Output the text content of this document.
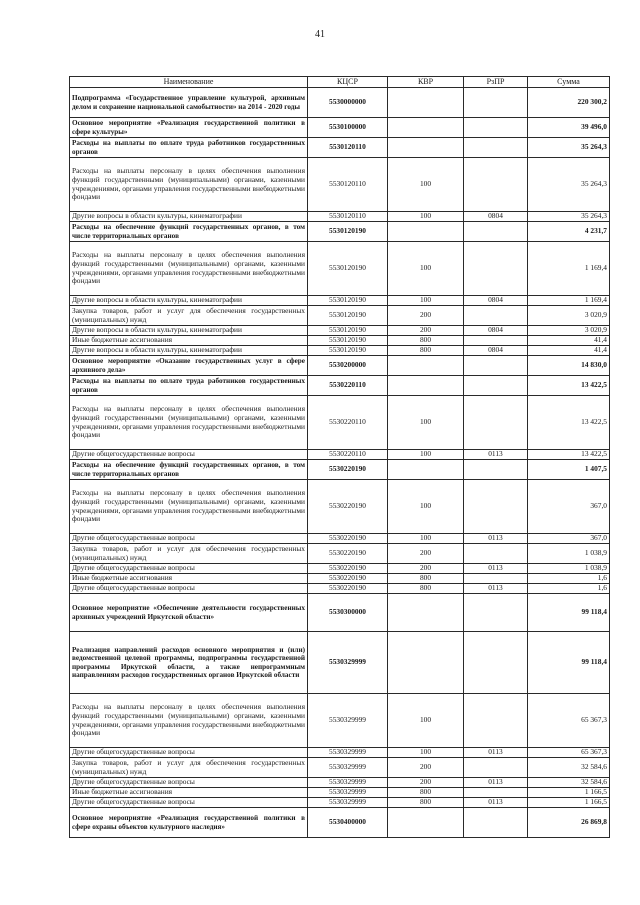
41
Наименование	КЦСР	КВР	РзПР	Сумма
Подпрограмма «Государственное управление культурой, архивным делом и сохранение национальной самобытности» на 2014 - 2020 годы	5530000000			220 300,2
Основное мероприятие «Реализация государственной политики в сфере культуры»	5530100000			39 496,0
Расходы на выплаты по оплате труда работников государственных органов	5530120110			35 264,3
Расходы на выплаты персоналу в целях обеспечения выполнения функций государственными (муниципальными) органами, казенными учреждениями, органами управления государственными внебюджетными фондами	5530120110	100		35 264,3
Другие вопросы в области культуры, кинематографии	5530120110	100	0804	35 264,3
Расходы на обеспечение функций государственных органов, в том числе территориальных органов	5530120190			4 231,7
Расходы на выплаты персоналу в целях обеспечения выполнения функций государственными (муниципальными) органами, казенными учреждениями, органами управления государственными внебюджетными фондами	5530120190	100		1 169,4
Другие вопросы в области культуры, кинематографии	5530120190	100	0804	1 169,4
Закупка товаров, работ и услуг для обеспечения государственных (муниципальных) нужд	5530120190	200		3 020,9
Другие вопросы в области культуры, кинематографии	5530120190	200	0804	3 020,9
Иные бюджетные ассигнования	5530120190	800		41,4
Другие вопросы в области культуры, кинематографии	5530120190	800	0804	41,4
Основное мероприятие «Оказание государственных услуг в сфере архивного дела»	5530200000			14 830,0
Расходы на выплаты по оплате труда работников государственных органов	5530220110			13 422,5
Расходы на выплаты персоналу в целях обеспечения выполнения функций государственными (муниципальными) органами, казенными учреждениями, органами управления государственными внебюджетными фондами	5530220110	100		13 422,5
Другие общегосударственные вопросы	5530220110	100	0113	13 422,5
Расходы на обеспечение функций государственных органов, в том числе территориальных органов	5530220190			1 407,5
Расходы на выплаты персоналу в целях обеспечения выполнения функций государственными (муниципальными) органами, казенными учреждениями, органами управления государственными внебюджетными фондами	5530220190	100		367,0
Другие общегосударственные вопросы	5530220190	100	0113	367,0
Закупка товаров, работ и услуг для обеспечения государственных (муниципальных) нужд	5530220190	200		1 038,9
Другие общегосударственные вопросы	5530220190	200	0113	1 038,9
Иные бюджетные ассигнования	5530220190	800		1,6
Другие общегосударственные вопросы	5530220190	800	0113	1,6
Основное мероприятие «Обеспечение деятельности государственных архивных учреждений Иркутской области»	5530300000			99 118,4
Реализация направлений расходов основного мероприятия и (или) ведомственной целевой программы, подпрограммы государственной программы Иркутской области, а также непрограммным направлениям расходов государственных органов Иркутской области	5530329999			99 118,4
Расходы на выплаты персоналу в целях обеспечения выполнения функций государственными (муниципальными) органами, казенными учреждениями, органами управления государственными внебюджетными фондами	5530329999	100		65 367,3
Другие общегосударственные вопросы	5530329999	100	0113	65 367,3
Закупка товаров, работ и услуг для обеспечения государственных (муниципальных) нужд	5530329999	200		32 584,6
Другие общегосударственные вопросы	5530329999	200	0113	32 584,6
Иные бюджетные ассигнования	5530329999	800		1 166,5
Другие общегосударственные вопросы	5530329999	800	0113	1 166,5
Основное мероприятие «Реализация государственной политики в сфере охраны объектов культурного наследия»	5530400000			26 869,8
